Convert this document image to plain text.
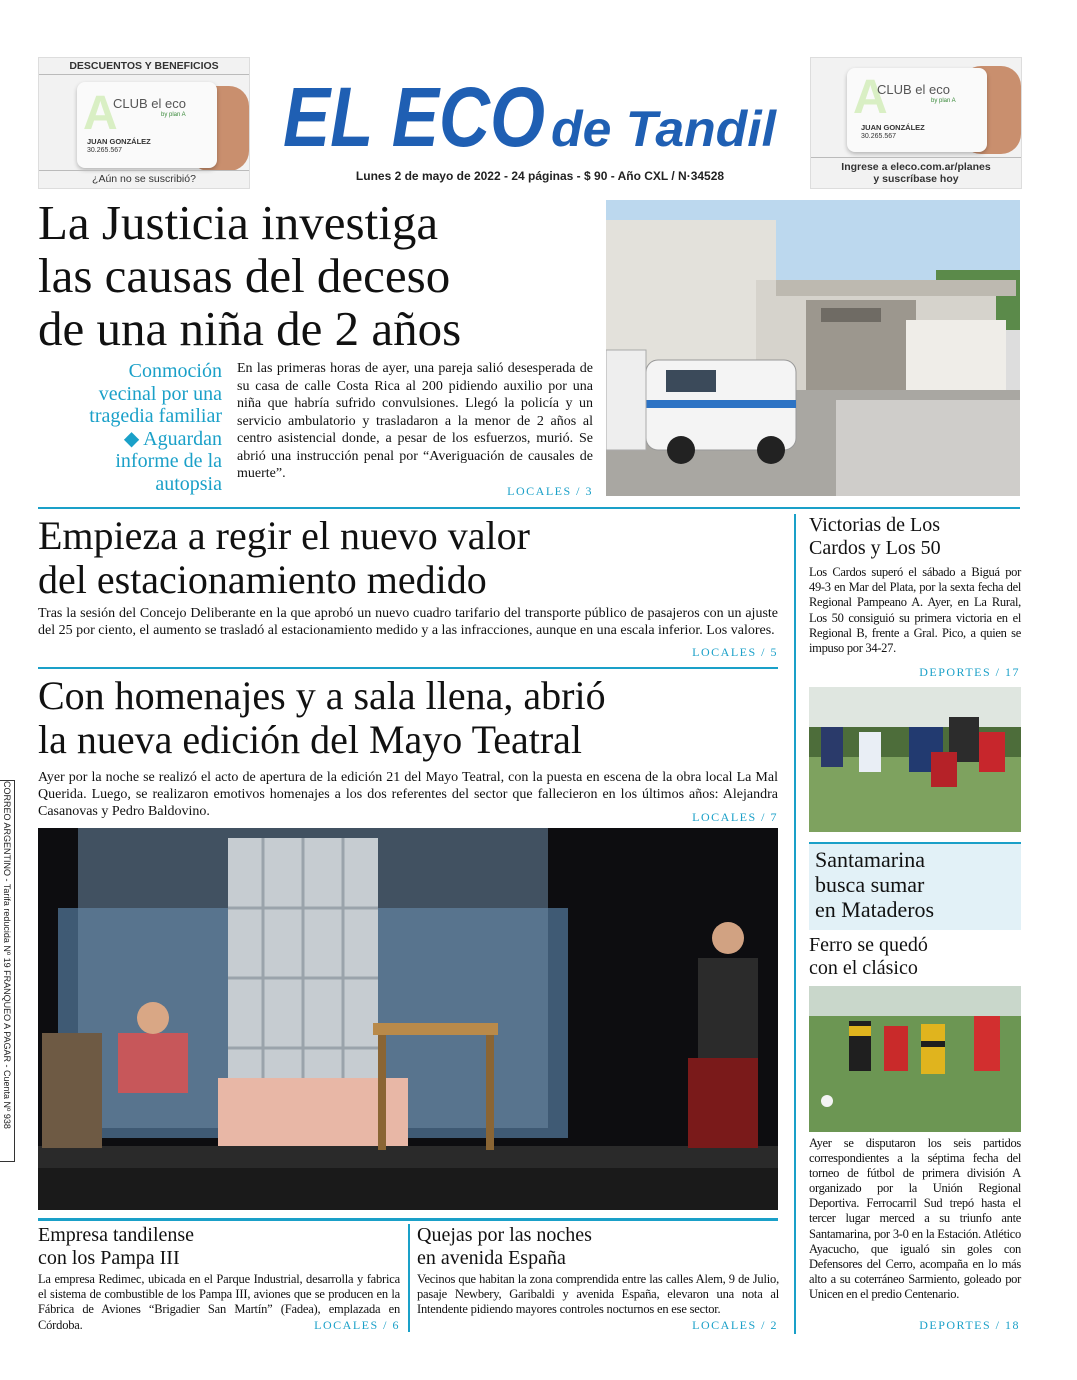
DESCUENTOS Y BENEFICIOS
A
CLUB el eco
by plan A
JUAN GONZÁLEZ
30.265.567
¿Aún no se suscribió?
EL ECO de Tandil
Lunes 2 de mayo de 2022 - 24 páginas - $ 90 - Año CXL / N·34528
A
CLUB el eco
by plan A
JUAN GONZÁLEZ
30.265.567
Ingrese a eleco.com.ar/planes
y suscríbase hoy
La Justicia investiga
las causas del deceso
de una niña de 2 años
Conmoción
vecinal por una
tragedia familiar
◆ Aguardan
informe de la
autopsia
En las primeras horas de ayer, una pareja salió desesperada de su casa de calle Costa Rica al 200 pidiendo auxilio por una niña que habría sufrido convulsiones. Llegó la policía y un servicio ambulatorio y trasladaron a la menor de 2 años al centro asistencial donde, a pesar de los esfuerzos, murió. Se abrió una instrucción penal por “Averiguación de causales de muerte”.
LOCALES / 3
Empieza a regir el nuevo valor
del estacionamiento medido
Tras la sesión del Concejo Deliberante en la que aprobó un nuevo cuadro tarifario del transporte público de pasajeros con un ajuste del 25 por ciento, el aumento se trasladó al estacionamiento medido y a las infracciones, aunque en una escala inferior. Los valores.
LOCALES / 5
Con homenajes y a sala llena, abrió
la nueva edición del Mayo Teatral
Ayer por la noche se realizó el acto de apertura de la edición 21 del Mayo Teatral, con la puesta en escena de la obra local La Mal Querida. Luego, se realizaron emotivos homenajes a los dos referentes del sector que fallecieron en los últimos años: Alejandra Casanovas y Pedro Baldovino.	LOCALES / 7
Empresa tandilense
con los Pampa III
La empresa Redimec, ubicada en el Parque Industrial, desarrolla y fabrica el sistema de combustible de los Pampa III, aviones que se producen en la Fábrica de Aviones “Brigadier San Martín” (Fadea), emplazada en Córdoba.	LOCALES / 6
Quejas por las noches
en avenida España
Vecinos que habitan la zona comprendida entre las calles Alem, 9 de Julio, pasaje Newbery, Garibaldi y avenida España, elevaron una nota al Intendente pidiendo mayores controles nocturnos en ese sector.
LOCALES / 2
Victorias de Los
Cardos y Los 50
Los Cardos superó el sábado a Biguá por 49-3 en Mar del Plata, por la sexta fecha del Regional Pampeano A. Ayer, en La Rural, Los 50 consiguió su primera victoria en el Regional B, frente a Gral. Pico, a quien se impuso por 34-27.
DEPORTES / 17
Santamarina
busca sumar
en Mataderos
Ferro se quedó
con el clásico
Ayer se disputaron los seis partidos correspondientes a la séptima fecha del torneo de fútbol de primera división A organizado por la Unión Regional Deportiva. Ferrocarril Sud trepó hasta el tercer lugar merced a su triunfo ante Santamarina, por 3-0 en la Estación. Atlético Ayacucho, que igualó sin goles con Defensores del Cerro, acompaña en lo más alto a su coterráneo Sarmiento, goleado por Unicen en el predio Centenario.
DEPORTES / 18
CORREO ARGENTINO - Tarifa reducida Nº 19 FRANQUEO A PAGAR - Cuenta Nº 938
